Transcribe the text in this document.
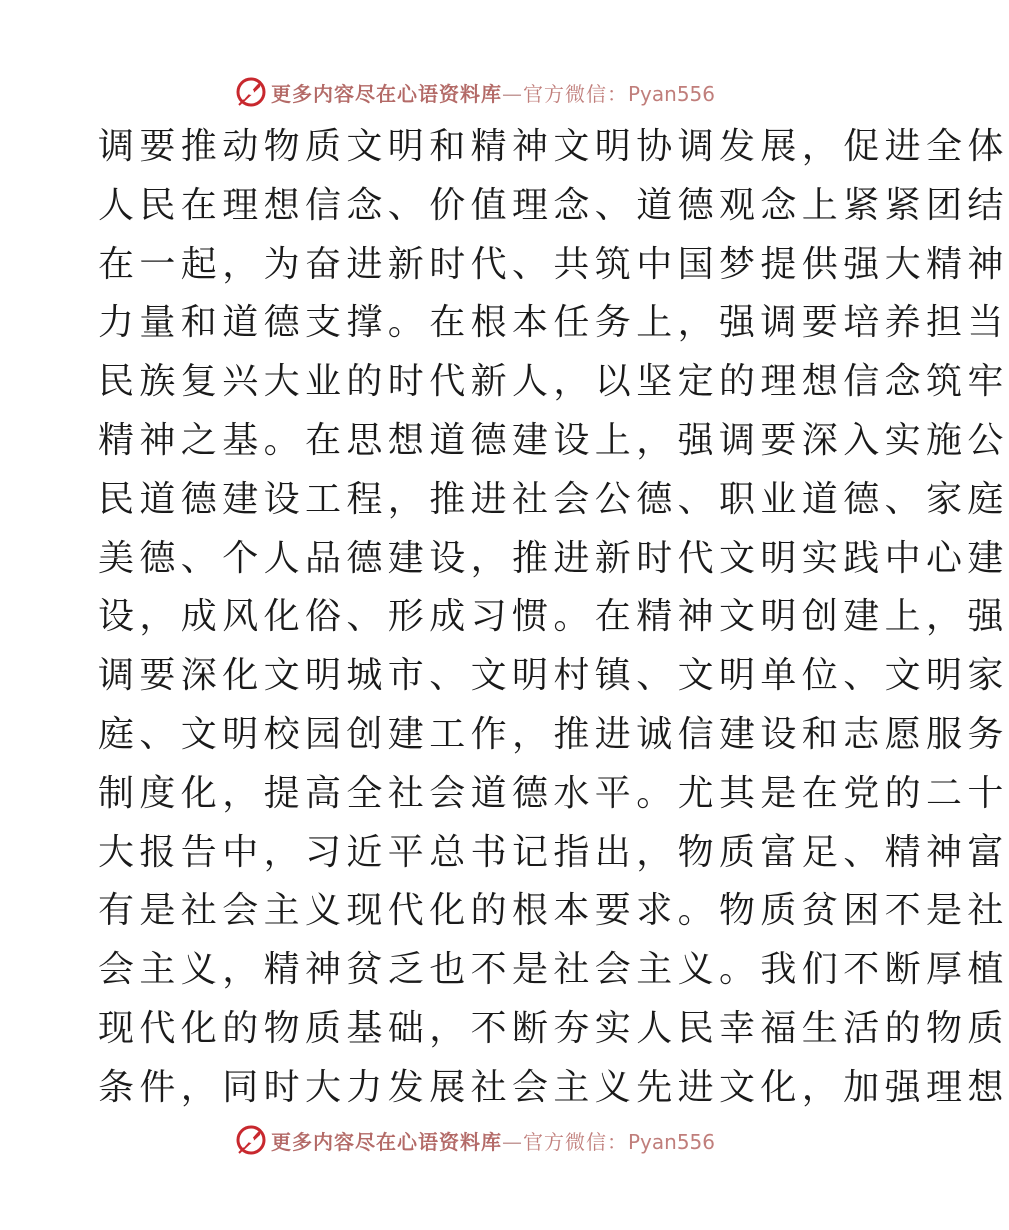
更多内容尽在心语资料库—官方微信：Pyan556
调要推动物质文明和精神文明协调发展，促进全体
人民在理想信念、价值理念、道德观念上紧紧团结
在一起，为奋进新时代、共筑中国梦提供强大精神
力量和道德支撑。在根本任务上，强调要培养担当
民族复兴大业的时代新人，以坚定的理想信念筑牢
精神之基。在思想道德建设上，强调要深入实施公
民道德建设工程，推进社会公德、职业道德、家庭
美德、个人品德建设，推进新时代文明实践中心建
设，成风化俗、形成习惯。在精神文明创建上，强
调要深化文明城市、文明村镇、文明单位、文明家
庭、文明校园创建工作，推进诚信建设和志愿服务
制度化，提高全社会道德水平。尤其是在党的二十
大报告中，习近平总书记指出，物质富足、精神富
有是社会主义现代化的根本要求。物质贫困不是社
会主义，精神贫乏也不是社会主义。我们不断厚植
现代化的物质基础，不断夯实人民幸福生活的物质
条件，同时大力发展社会主义先进文化，加强理想
更多内容尽在心语资料库—官方微信：Pyan556
